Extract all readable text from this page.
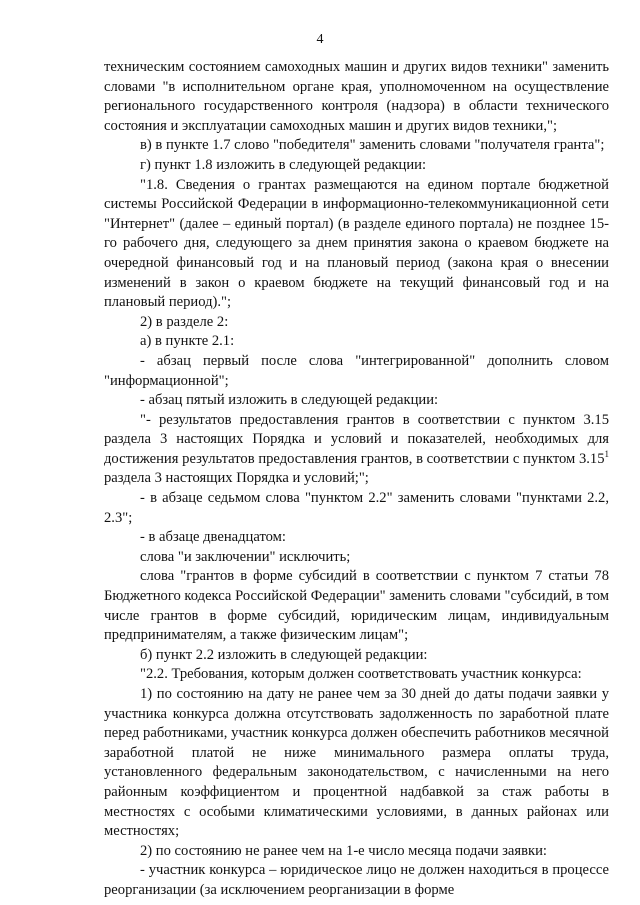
4

техническим состоянием самоходных машин и других видов техники" заменить словами "в исполнительном органе края, уполномоченном на осуществление регионального государственного контроля (надзора) в области технического состояния и эксплуатации самоходных машин и других видов техники,";

в) в пункте 1.7 слово "победителя" заменить словами "получателя гранта";

г) пункт 1.8 изложить в следующей редакции:

"1.8. Сведения о грантах размещаются на едином портале бюджетной системы Российской Федерации в информационно-телекоммуникационной сети "Интернет" (далее – единый портал) (в разделе единого портала) не позднее 15-го рабочего дня, следующего за днем принятия закона о краевом бюджете на очередной финансовый год и на плановый период (закона края о внесении изменений в закон о краевом бюджете на текущий финансовый год и на плановый период).";

2) в разделе 2:

а) в пункте 2.1:

- абзац первый после слова "интегрированной" дополнить словом "информационной";

- абзац пятый изложить в следующей редакции:

"- результатов предоставления грантов в соответствии с пунктом 3.15 раздела 3 настоящих Порядка и условий и показателей, необходимых для достижения результатов предоставления грантов, в соответствии с пунктом 3.15$^1$ раздела 3 настоящих Порядка и условий;";

- в абзаце седьмом слова "пунктом 2.2" заменить словами "пунктами 2.2, 2.3";

- в абзаце двенадцатом:

слова "и заключении" исключить;

слова "грантов в форме субсидий в соответствии с пунктом 7 статьи 78 Бюджетного кодекса Российской Федерации" заменить словами "субсидий, в том числе грантов в форме субсидий, юридическим лицам, индивидуальным предпринимателям, а также физическим лицам";

б) пункт 2.2 изложить в следующей редакции:

"2.2. Требования, которым должен соответствовать участник конкурса:

1) по состоянию на дату не ранее чем за 30 дней до даты подачи заявки у участника конкурса должна отсутствовать задолженность по заработной плате перед работниками, участник конкурса должен обеспечить работников месячной заработной платой не ниже минимального размера оплаты труда, установленного федеральным законодательством, с начисленными на него районным коэффициентом и процентной надбавкой за стаж работы в местностях с особыми климатическими условиями, в данных районах или местностях;

2) по состоянию не ранее чем на 1-е число месяца подачи заявки:

- участник конкурса – юридическое лицо не должен находиться в процессе реорганизации (за исключением реорганизации в форме
